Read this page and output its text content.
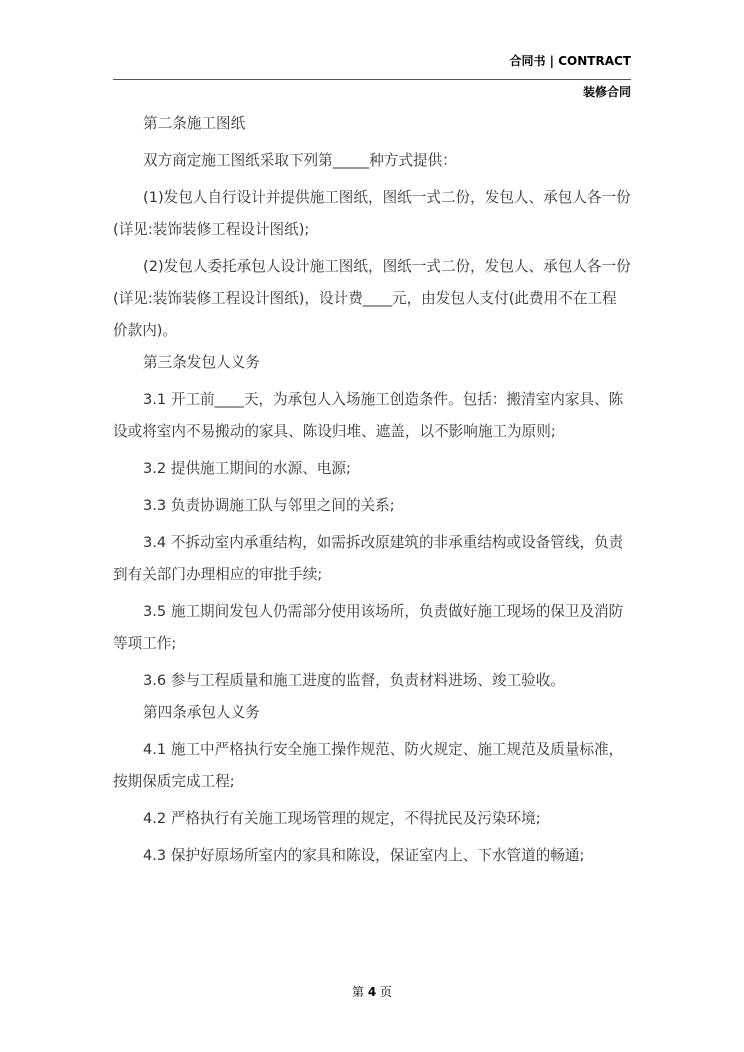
合同书 | CONTRACT
装修合同

第二条施工图纸

双方商定施工图纸采取下列第_____种方式提供：

(1)发包人自行设计并提供施工图纸，图纸一式二份，发包人、承包人各一份(详见:装饰装修工程设计图纸);

(2)发包人委托承包人设计施工图纸，图纸一式二份，发包人、承包人各一份(详见:装饰装修工程设计图纸)，设计费____元，由发包人支付(此费用不在工程价款内)。

第三条发包人义务

3.1 开工前____天，为承包人入场施工创造条件。包括：搬清室内家具、陈设或将室内不易搬动的家具、陈设归堆、遮盖，以不影响施工为原则;

3.2 提供施工期间的水源、电源;

3.3 负责协调施工队与邻里之间的关系;

3.4 不拆动室内承重结构，如需拆改原建筑的非承重结构或设备管线，负责到有关部门办理相应的审批手续;

3.5 施工期间发包人仍需部分使用该场所，负责做好施工现场的保卫及消防等项工作;

3.6 参与工程质量和施工进度的监督，负责材料进场、竣工验收。

第四条承包人义务

4.1 施工中严格执行安全施工操作规范、防火规定、施工规范及质量标准，按期保质完成工程;

4.2 严格执行有关施工现场管理的规定，不得扰民及污染环境;

4.3 保护好原场所室内的家具和陈设，保证室内上、下水管道的畅通;

第 4 页
